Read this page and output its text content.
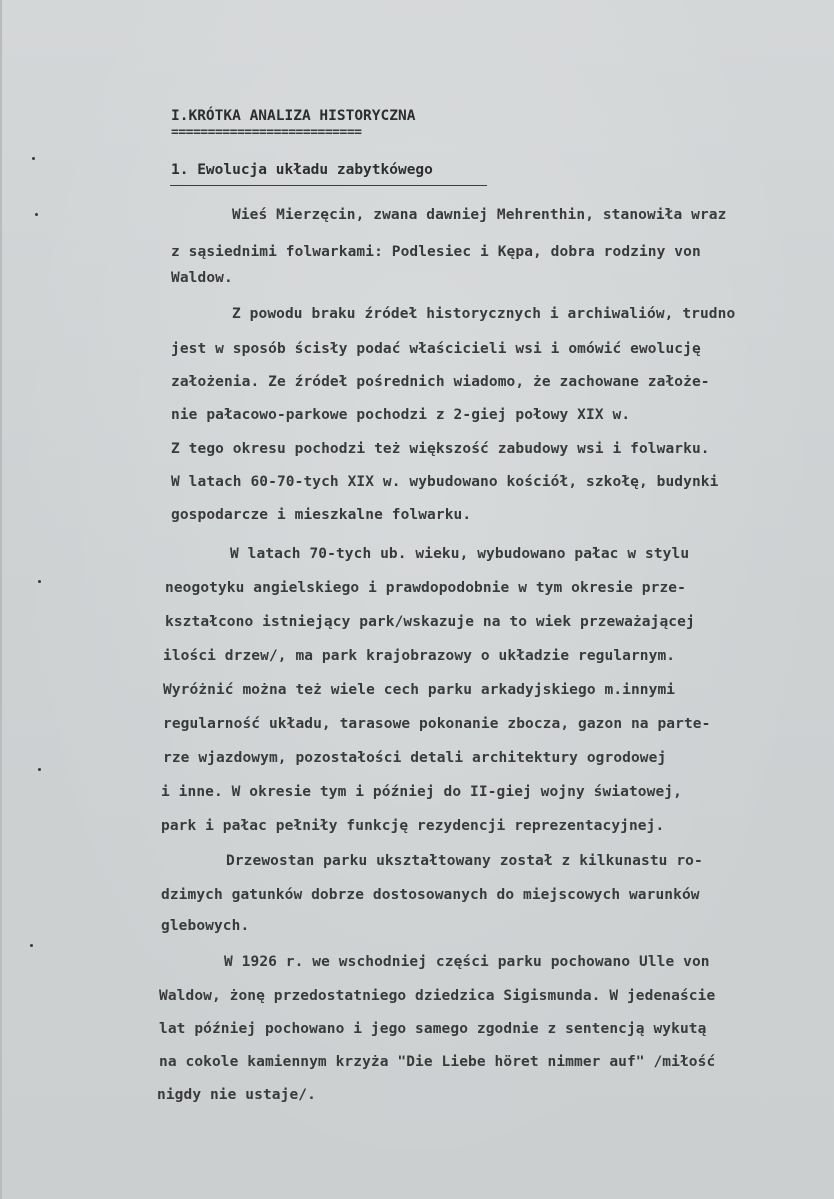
I.KRÓTKA ANALIZA HISTORYCZNA
==========================
1. Ewolucja układu zabytkówego
Wieś Mierzęcin, zwana dawniej Mehrenthin, stanowiła wraz
z sąsiednimi folwarkami: Podlesiec i Kępa, dobra rodziny von
Waldow.
Z powodu braku źródeł historycznych i archiwaliów, trudno
jest w sposób ścisły podać właścicieli wsi i omówić ewolucję
założenia. Ze źródeł pośrednich wiadomo, że zachowane założe-
nie pałacowo-parkowe pochodzi z 2-giej połowy XIX w.
Z tego okresu pochodzi też większość zabudowy wsi i folwarku.
W latach 60-70-tych XIX w. wybudowano kościół, szkołę, budynki
gospodarcze i mieszkalne folwarku.
W latach 70-tych ub. wieku, wybudowano pałac w stylu
neogotyku angielskiego i prawdopodobnie w tym okresie prze-
kształcono istniejący park/wskazuje na to wiek przeważającej
ilości drzew/, ma park krajobrazowy o układzie regularnym.
Wyróżnić można też wiele cech parku arkadyjskiego m.innymi
regularność układu, tarasowe pokonanie zbocza, gazon na parte-
rze wjazdowym, pozostałości detali architektury ogrodowej
i inne. W okresie tym i później do II-giej wojny światowej,
park i pałac pełniły funkcję rezydencji reprezentacyjnej.
Drzewostan parku ukształtowany został z kilkunastu ro-
dzimych gatunków dobrze dostosowanych do miejscowych warunków
glebowych.
W 1926 r. we wschodniej części parku pochowano Ulle von
Waldow, żonę przedostatniego dziedzica Sigismunda. W jedenaście
lat później pochowano i jego samego zgodnie z sentencją wykutą
na cokole kamiennym krzyża "Die Liebe höret nimmer auf" /miłość
nigdy nie ustaje/.
